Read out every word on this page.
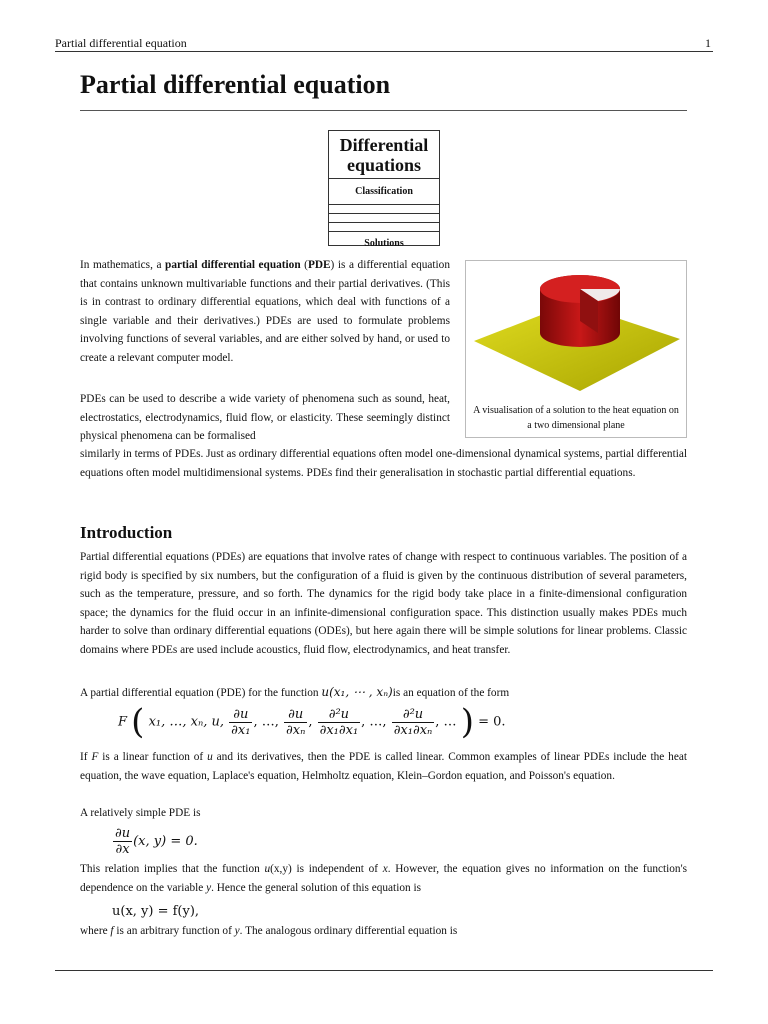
Partial differential equation	1
Partial differential equation
Differential equations
Classification
Solutions
A visualisation of a solution to the heat equation on a two dimensional plane

In mathematics, a partial differential equation (PDE) is a differential equation that contains unknown multivariable functions and their partial derivatives. (This is in contrast to ordinary differential equations, which deal with functions of a single variable and their derivatives.) PDEs are used to formulate problems involving functions of several variables, and are either solved by hand, or used to create a relevant computer model.

PDEs can be used to describe a wide variety of phenomena such as sound, heat, electrostatics, electrodynamics, fluid flow, or elasticity. These seemingly distinct physical phenomena can be formalised

similarly in terms of PDEs. Just as ordinary differential equations often model one-dimensional dynamical systems, partial differential equations often model multidimensional systems. PDEs find their generalisation in stochastic partial differential equations.

Introduction

Partial differential equations (PDEs) are equations that involve rates of change with respect to continuous variables. The position of a rigid body is specified by six numbers, but the configuration of a fluid is given by the continuous distribution of several parameters, such as the temperature, pressure, and so forth. The dynamics for the rigid body take place in a finite-dimensional configuration space; the dynamics for the fluid occur in an infinite-dimensional configuration space. This distinction usually makes PDEs much harder to solve than ordinary differential equations (ODEs), but here again there will be simple solutions for linear problems. Classic domains where PDEs are used include acoustics, fluid flow, electrodynamics, and heat transfer.

A partial differential equation (PDE) for the function u(x₁, ⋯ , xₙ)is an equation of the form

F ( x₁, …, xₙ, u, $\frac{\partial u}{\text{∂x₁}}$ , …, $\frac{\partial u}{\text{∂xₙ}}$ , $\frac{\text{∂²u}}{\text{∂x₁∂x₁}}$ , …, $\frac{\text{∂²u}}{\text{∂x₁∂xₙ}}$ , … ) = 0.

If F is a linear function of u and its derivatives, then the PDE is called linear. Common examples of linear PDEs include the heat equation, the wave equation, Laplace's equation, Helmholtz equation, Klein–Gordon equation, and Poisson's equation.

A relatively simple PDE is

$\frac{\partial u}{\partial x} (x$, y) = 0.

This relation implies that the function u(x,y) is independent of x. However, the equation gives no information on the function's dependence on the variable y. Hence the general solution of this equation is

u(x, y) = f(y),

where f is an arbitrary function of y. The analogous ordinary differential equation is
